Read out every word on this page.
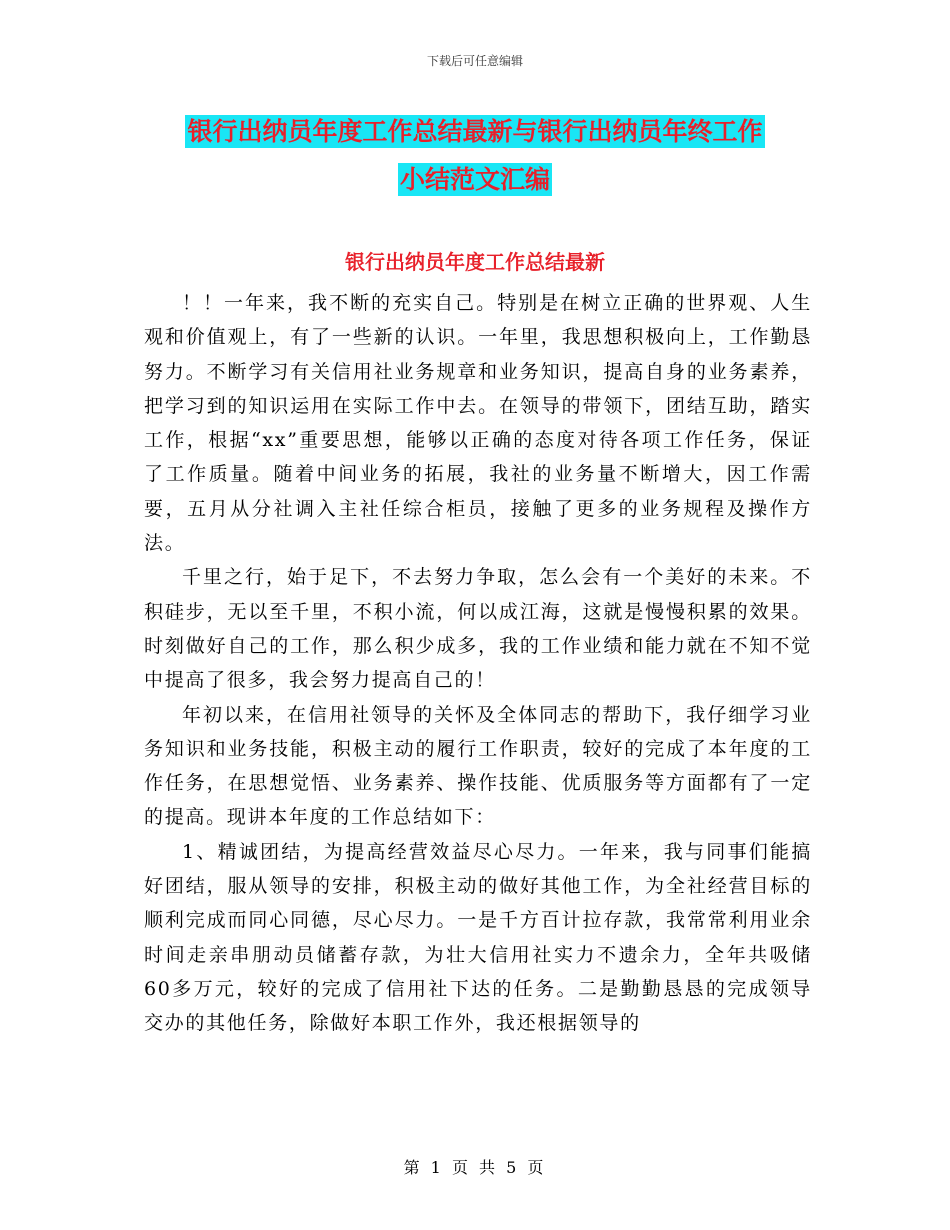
下载后可任意编辑
银行出纳员年度工作总结最新与银行出纳员年终工作
小结范文汇编
银行出纳员年度工作总结最新

！！一年来，我不断的充实自己。特别是在树立正确的世界观、人生观和价值观上，有了一些新的认识。一年里，我思想积极向上，工作勤恳努力。不断学习有关信用社业务规章和业务知识，提高自身的业务素养，把学习到的知识运用在实际工作中去。在领导的带领下，团结互助，踏实工作，根据“xx”重要思想，能够以正确的态度对待各项工作任务，保证了工作质量。随着中间业务的拓展，我社的业务量不断增大，因工作需要，五月从分社调入主社任综合柜员，接触了更多的业务规程及操作方法。

千里之行，始于足下，不去努力争取，怎么会有一个美好的未来。不积硅步，无以至千里，不积小流，何以成江海，这就是慢慢积累的效果。时刻做好自己的工作，那么积少成多，我的工作业绩和能力就在不知不觉中提高了很多，我会努力提高自己的！

年初以来，在信用社领导的关怀及全体同志的帮助下，我仔细学习业务知识和业务技能，积极主动的履行工作职责，较好的完成了本年度的工作任务，在思想觉悟、业务素养、操作技能、优质服务等方面都有了一定的提高。现讲本年度的工作总结如下：

1、精诚团结，为提高经营效益尽心尽力。一年来，我与同事们能搞好团结，服从领导的安排，积极主动的做好其他工作，为全社经营目标的顺利完成而同心同德，尽心尽力。一是千方百计拉存款，我常常利用业余时间走亲串朋动员储蓄存款，为壮大信用社实力不遗余力，全年共吸储60多万元，较好的完成了信用社下达的任务。二是勤勤恳恳的完成领导交办的其他任务，除做好本职工作外，我还根据领导的

第 1 页 共 5 页
